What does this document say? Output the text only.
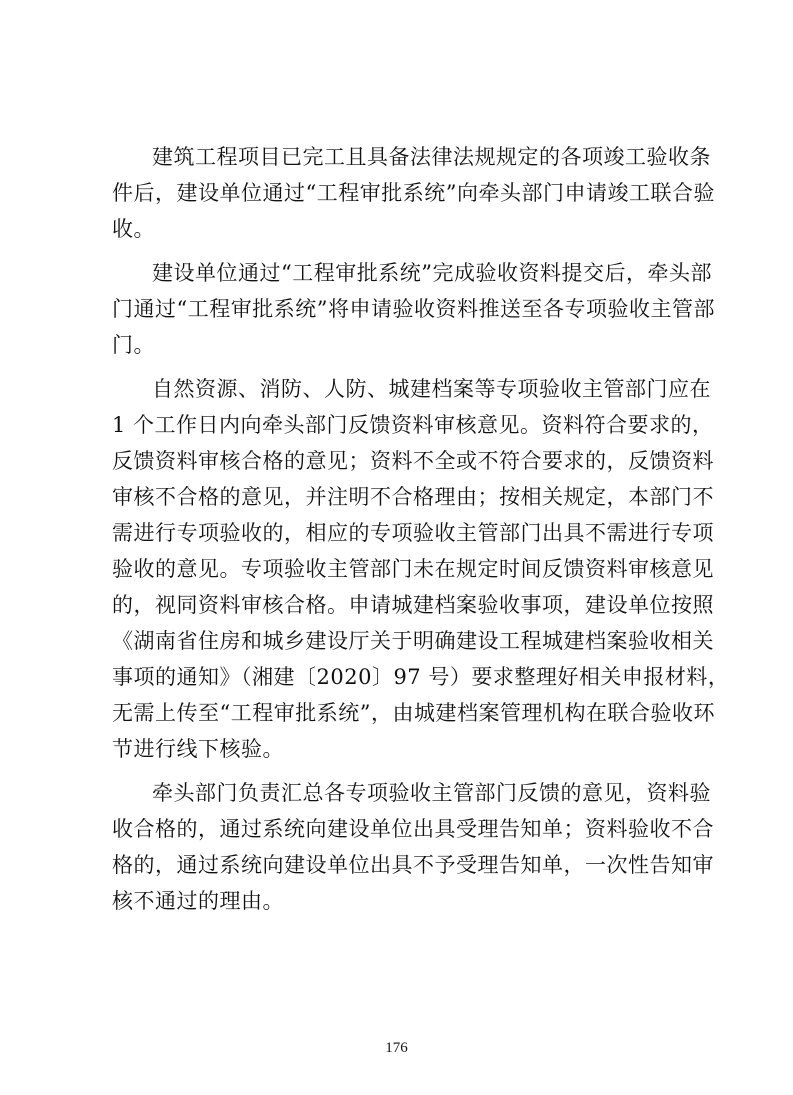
建筑工程项目已完工且具备法律法规规定的各项竣工验收条
件后，建设单位通过“工程审批系统”向牵头部门申请竣工联合验
收。
建设单位通过“工程审批系统”完成验收资料提交后，牵头部
门通过“工程审批系统”将申请验收资料推送至各专项验收主管部
门。
自然资源、消防、人防、城建档案等专项验收主管部门应在
1 个工作日内向牵头部门反馈资料审核意见。资料符合要求的，
反馈资料审核合格的意见；资料不全或不符合要求的，反馈资料
审核不合格的意见，并注明不合格理由；按相关规定，本部门不
需进行专项验收的，相应的专项验收主管部门出具不需进行专项
验收的意见。专项验收主管部门未在规定时间反馈资料审核意见
的，视同资料审核合格。申请城建档案验收事项，建设单位按照
《湖南省住房和城乡建设厅关于明确建设工程城建档案验收相关
事项的通知》（湘建〔2020〕97 号）要求整理好相关申报材料，
无需上传至“工程审批系统”，由城建档案管理机构在联合验收环
节进行线下核验。
牵头部门负责汇总各专项验收主管部门反馈的意见，资料验
收合格的，通过系统向建设单位出具受理告知单；资料验收不合
格的，通过系统向建设单位出具不予受理告知单，一次性告知审
核不通过的理由。
176
